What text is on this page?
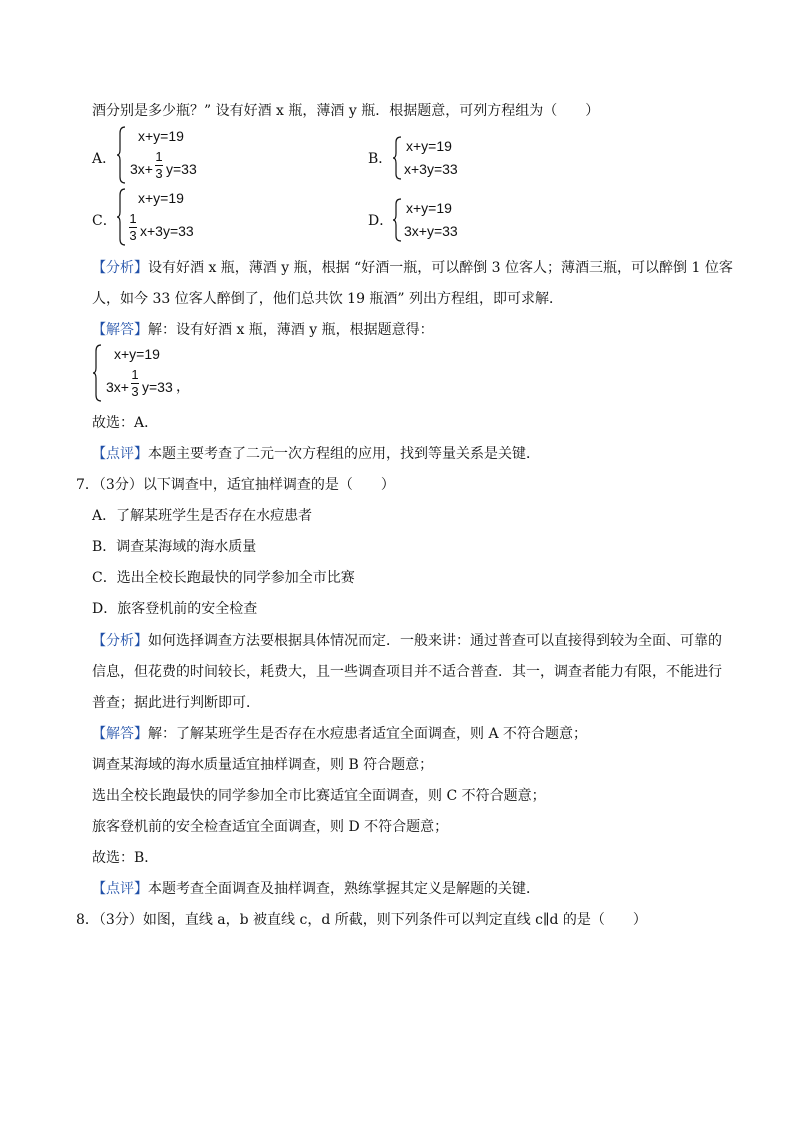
酒分别是多少瓶？” 设有好酒 x 瓶，薄酒 y 瓶．根据题意，可列方程组为（　　）
A．
x+y=19
3x+
1
3 y=33
B．
x+y=19
x+3y=33
C．
x+y=19
1
3 x+3y=33
D．
x+y=19
3x+y=33
【分析】设有好酒 x 瓶，薄酒 y 瓶，根据 “好酒一瓶，可以醉倒 3 位客人；薄酒三瓶，可以醉倒 1 位客
人，如今 33 位客人醉倒了，他们总共饮 19 瓶酒” 列出方程组，即可求解．
【解答】解：设有好酒 x 瓶，薄酒 y 瓶，根据题意得：
x+y=19
3x+
1
3 y=33 ，
故选：A．
【点评】本题主要考查了二元一次方程组的应用，找到等量关系是关键．
7．（3分）以下调查中，适宜抽样调查的是（　　）
A．了解某班学生是否存在水痘患者
B．调查某海域的海水质量
C．选出全校长跑最快的同学参加全市比赛
D．旅客登机前的安全检查
【分析】如何选择调查方法要根据具体情况而定．一般来讲：通过普查可以直接得到较为全面、可靠的
信息，但花费的时间较长，耗费大，且一些调查项目并不适合普查．其一，调查者能力有限，不能进行
普查；据此进行判断即可．
【解答】解：了解某班学生是否存在水痘患者适宜全面调查，则 A 不符合题意；
调查某海域的海水质量适宜抽样调查，则 B 符合题意；
选出全校长跑最快的同学参加全市比赛适宜全面调查，则 C 不符合题意；
旅客登机前的安全检查适宜全面调查，则 D 不符合题意；
故选：B．
【点评】本题考查全面调查及抽样调查，熟练掌握其定义是解题的关键．
8．（3分）如图，直线 a，b 被直线 c，d 所截，则下列条件可以判定直线 c∥d 的是（　　）
